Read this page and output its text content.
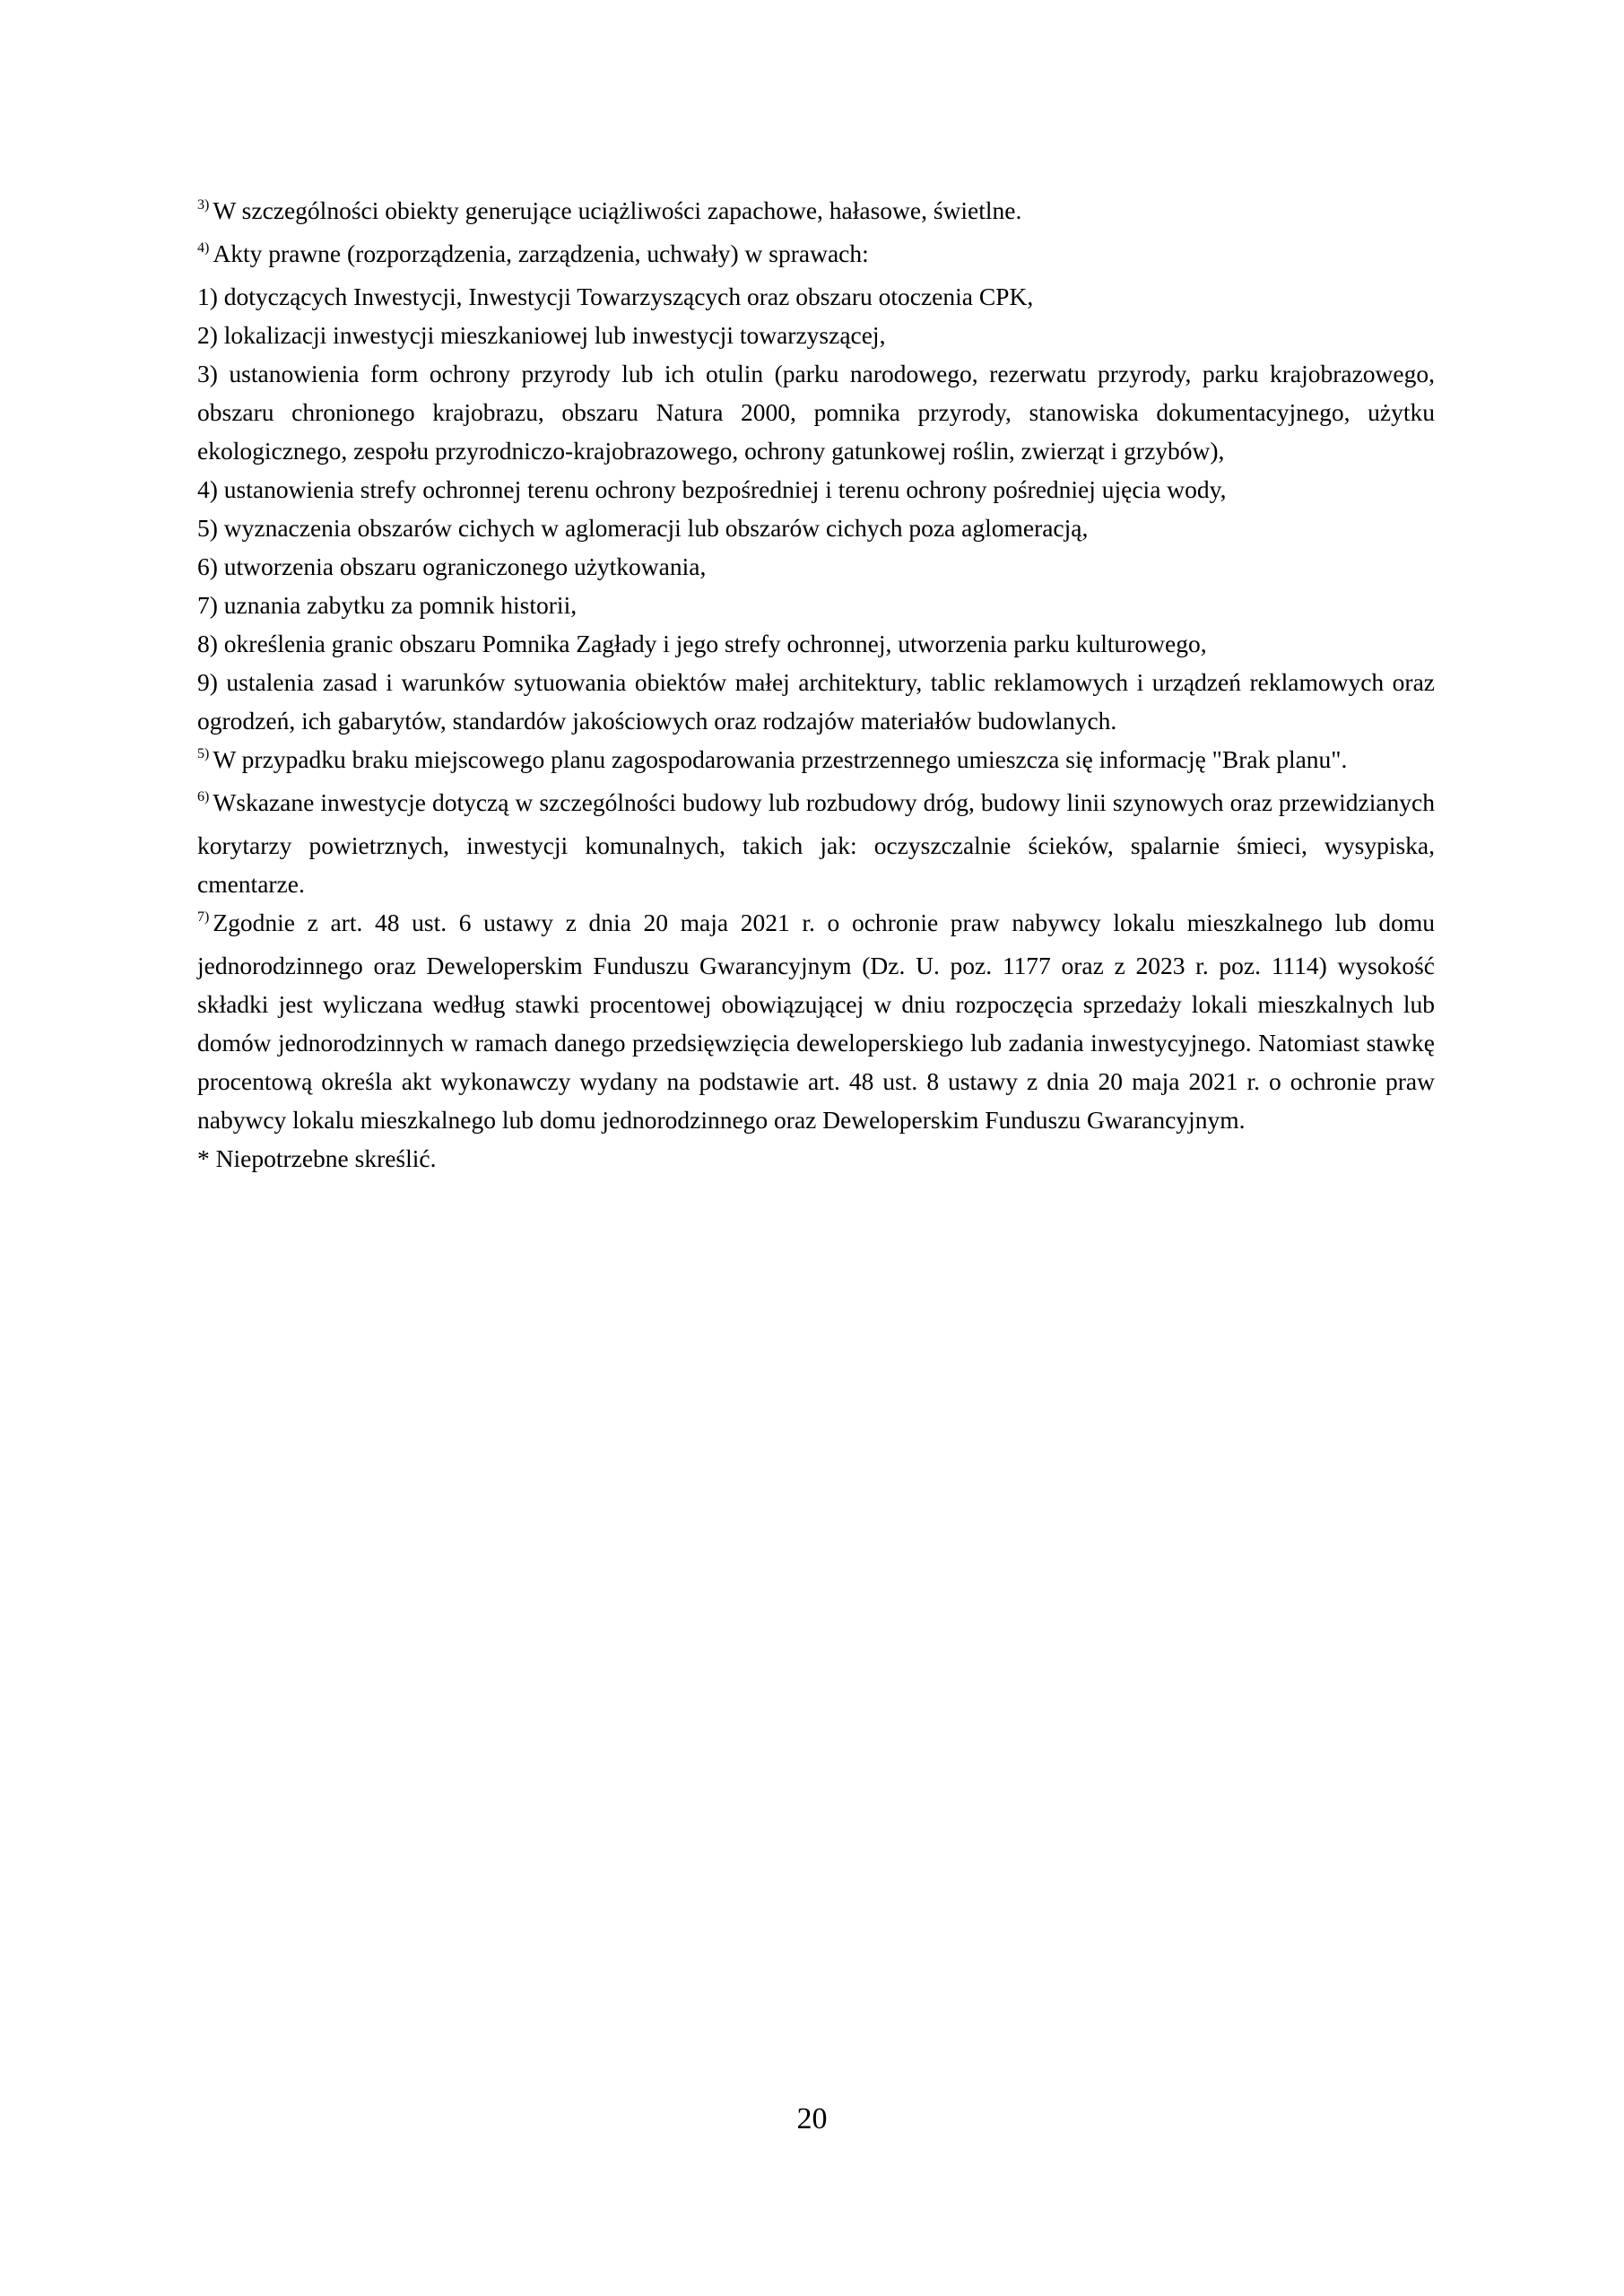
$^{3)}$ W szczególności obiekty generujące uciążliwości zapachowe, hałasowe, świetlne.

$^{4)}$ Akty prawne (rozporządzenia, zarządzenia, uchwały) w sprawach:

1) dotyczących Inwestycji, Inwestycji Towarzyszących oraz obszaru otoczenia CPK,

2) lokalizacji inwestycji mieszkaniowej lub inwestycji towarzyszącej,

3) ustanowienia form ochrony przyrody lub ich otulin (parku narodowego, rezerwatu przyrody, parku krajobrazowego, obszaru chronionego krajobrazu, obszaru Natura 2000, pomnika przyrody, stanowiska dokumentacyjnego, użytku ekologicznego, zespołu przyrodniczo-krajobrazowego, ochrony gatunkowej roślin, zwierząt i grzybów),

4) ustanowienia strefy ochronnej terenu ochrony bezpośredniej i terenu ochrony pośredniej ujęcia wody,

5) wyznaczenia obszarów cichych w aglomeracji lub obszarów cichych poza aglomeracją,

6) utworzenia obszaru ograniczonego użytkowania,

7) uznania zabytku za pomnik historii,

8) określenia granic obszaru Pomnika Zagłady i jego strefy ochronnej, utworzenia parku kulturowego,

9) ustalenia zasad i warunków sytuowania obiektów małej architektury, tablic reklamowych i urządzeń reklamowych oraz ogrodzeń, ich gabarytów, standardów jakościowych oraz rodzajów materiałów budowlanych.

$^{5)}$ W przypadku braku miejscowego planu zagospodarowania przestrzennego umieszcza się informację "Brak planu".

$^{6)}$ Wskazane inwestycje dotyczą w szczególności budowy lub rozbudowy dróg, budowy linii szynowych oraz przewidzianych korytarzy powietrznych, inwestycji komunalnych, takich jak: oczyszczalnie ścieków, spalarnie śmieci, wysypiska, cmentarze.

$^{7)}$ Zgodnie z art. 48 ust. 6 ustawy z dnia 20 maja 2021 r. o ochronie praw nabywcy lokalu mieszkalnego lub domu jednorodzinnego oraz Deweloperskim Funduszu Gwarancyjnym (Dz. U. poz. 1177 oraz z 2023 r. poz. 1114) wysokość składki jest wyliczana według stawki procentowej obowiązującej w dniu rozpoczęcia sprzedaży lokali mieszkalnych lub domów jednorodzinnych w ramach danego przedsięwzięcia deweloperskiego lub zadania inwestycyjnego. Natomiast stawkę procentową określa akt wykonawczy wydany na podstawie art. 48 ust. 8 ustawy z dnia 20 maja 2021 r. o ochronie praw nabywcy lokalu mieszkalnego lub domu jednorodzinnego oraz Deweloperskim Funduszu Gwarancyjnym.

* Niepotrzebne skreślić.

20
